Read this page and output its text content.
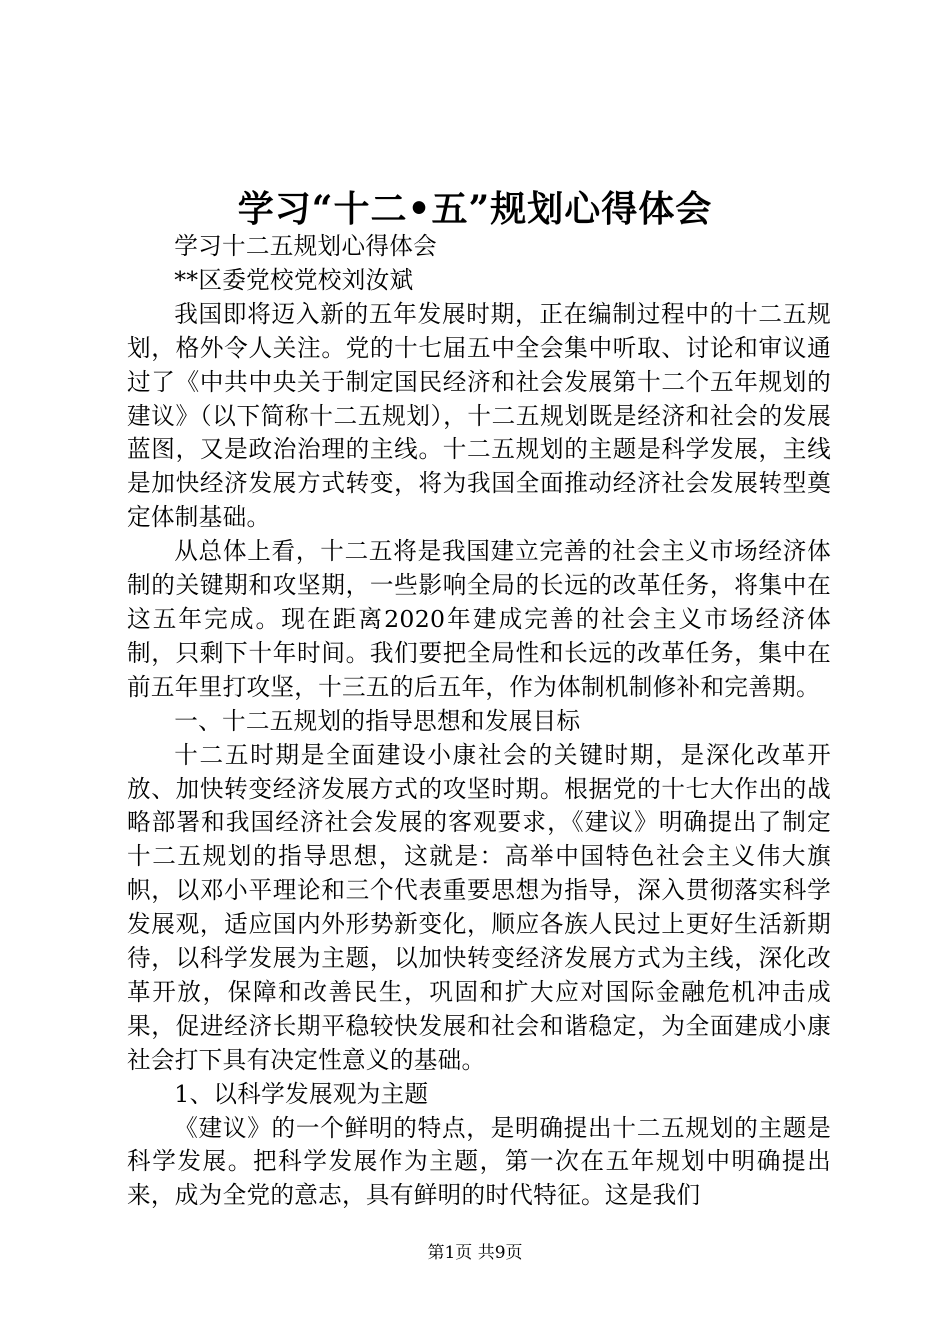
学习“十二•五”规划心得体会

学习十二五规划心得体会

**区委党校党校刘汝斌

我国即将迈入新的五年发展时期，正在编制过程中的十二五规划，格外令人关注。党的十七届五中全会集中听取、讨论和审议通过了《中共中央关于制定国民经济和社会发展第十二个五年规划的建议》（以下简称十二五规划），十二五规划既是经济和社会的发展蓝图，又是政治治理的主线。十二五规划的主题是科学发展，主线是加快经济发展方式转变，将为我国全面推动经济社会发展转型奠定体制基础。

从总体上看，十二五将是我国建立完善的社会主义市场经济体制的关键期和攻坚期，一些影响全局的长远的改革任务，将集中在这五年完成。现在距离2020年建成完善的社会主义市场经济体制，只剩下十年时间。我们要把全局性和长远的改革任务，集中在前五年里打攻坚，十三五的后五年，作为体制机制修补和完善期。

一、十二五规划的指导思想和发展目标

十二五时期是全面建设小康社会的关键时期，是深化改革开放、加快转变经济发展方式的攻坚时期。根据党的十七大作出的战略部署和我国经济社会发展的客观要求，《建议》明确提出了制定十二五规划的指导思想，这就是：高举中国特色社会主义伟大旗帜，以邓小平理论和三个代表重要思想为指导，深入贯彻落实科学发展观，适应国内外形势新变化，顺应各族人民过上更好生活新期待，以科学发展为主题，以加快转变经济发展方式为主线，深化改革开放，保障和改善民生，巩固和扩大应对国际金融危机冲击成果，促进经济长期平稳较快发展和社会和谐稳定，为全面建成小康社会打下具有决定性意义的基础。

1、以科学发展观为主题

《建议》的一个鲜明的特点，是明确提出十二五规划的主题是科学发展。把科学发展作为主题，第一次在五年规划中明确提出来，成为全党的意志，具有鲜明的时代特征。这是我们

第1页 共9页
